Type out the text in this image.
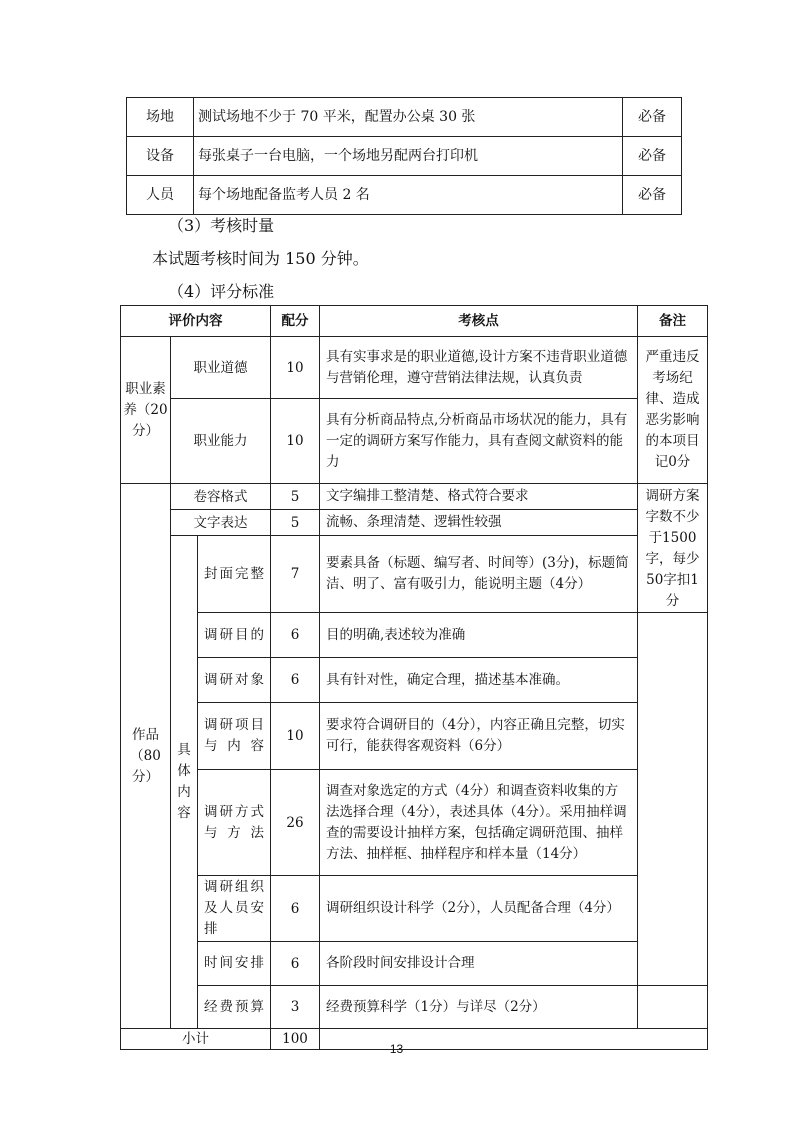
场地	测试场地不少于 70 平米，配置办公桌 30 张	必备
设备	每张桌子一台电脑，一个场地另配两台打印机	必备
人员	每个场地配备监考人员 2 名	必备
（3）考核时量
本试题考核时间为 150 分钟。
（4）评分标准
评价内容			配分	考核点	备注
职业素养（20分）	职业道德		10	具有实事求是的职业道德,设计方案不违背职业道德与营销伦理，遵守营销法律法规，认真负责	严重违反考场纪律、造成恶劣影响的本项目记0分
	职业能力		10	具有分析商品特点,分析商品市场状况的能力，具有一定的调研方案写作能力，具有查阅文献资料的能力	
作品（80分）	卷容格式		5	文字编排工整清楚、格式符合要求	调研方案字数不少于1500字，每少50字扣1分
	文字表达		5	流畅、条理清楚、逻辑性较强	
	具体内容	封面完整	7	要素具备（标题、编写者、时间等）(3分)，标题简洁、明了、富有吸引力，能说明主题（4分）	
		调研目的	6	目的明确,表述较为准确	
		调研对象	6	具有针对性，确定合理，描述基本准确。	
		调研项目与内容	10	要求符合调研目的（4分），内容正确且完整，切实可行，能获得客观资料（6分）	
		调研方式与方法	26	调查对象选定的方式（4分）和调查资料收集的方法选择合理（4分），表述具体（4分）。采用抽样调查的需要设计抽样方案，包括确定调研范围、抽样方法、抽样框、抽样程序和样本量（14分）	
		调研组织及人员安排	6	调研组织设计科学（2分），人员配备合理（4分）	
		时间安排	6	各阶段时间安排设计合理	
		经费预算	3	经费预算科学（1分）与详尽（2分）	
小计			100		
13
